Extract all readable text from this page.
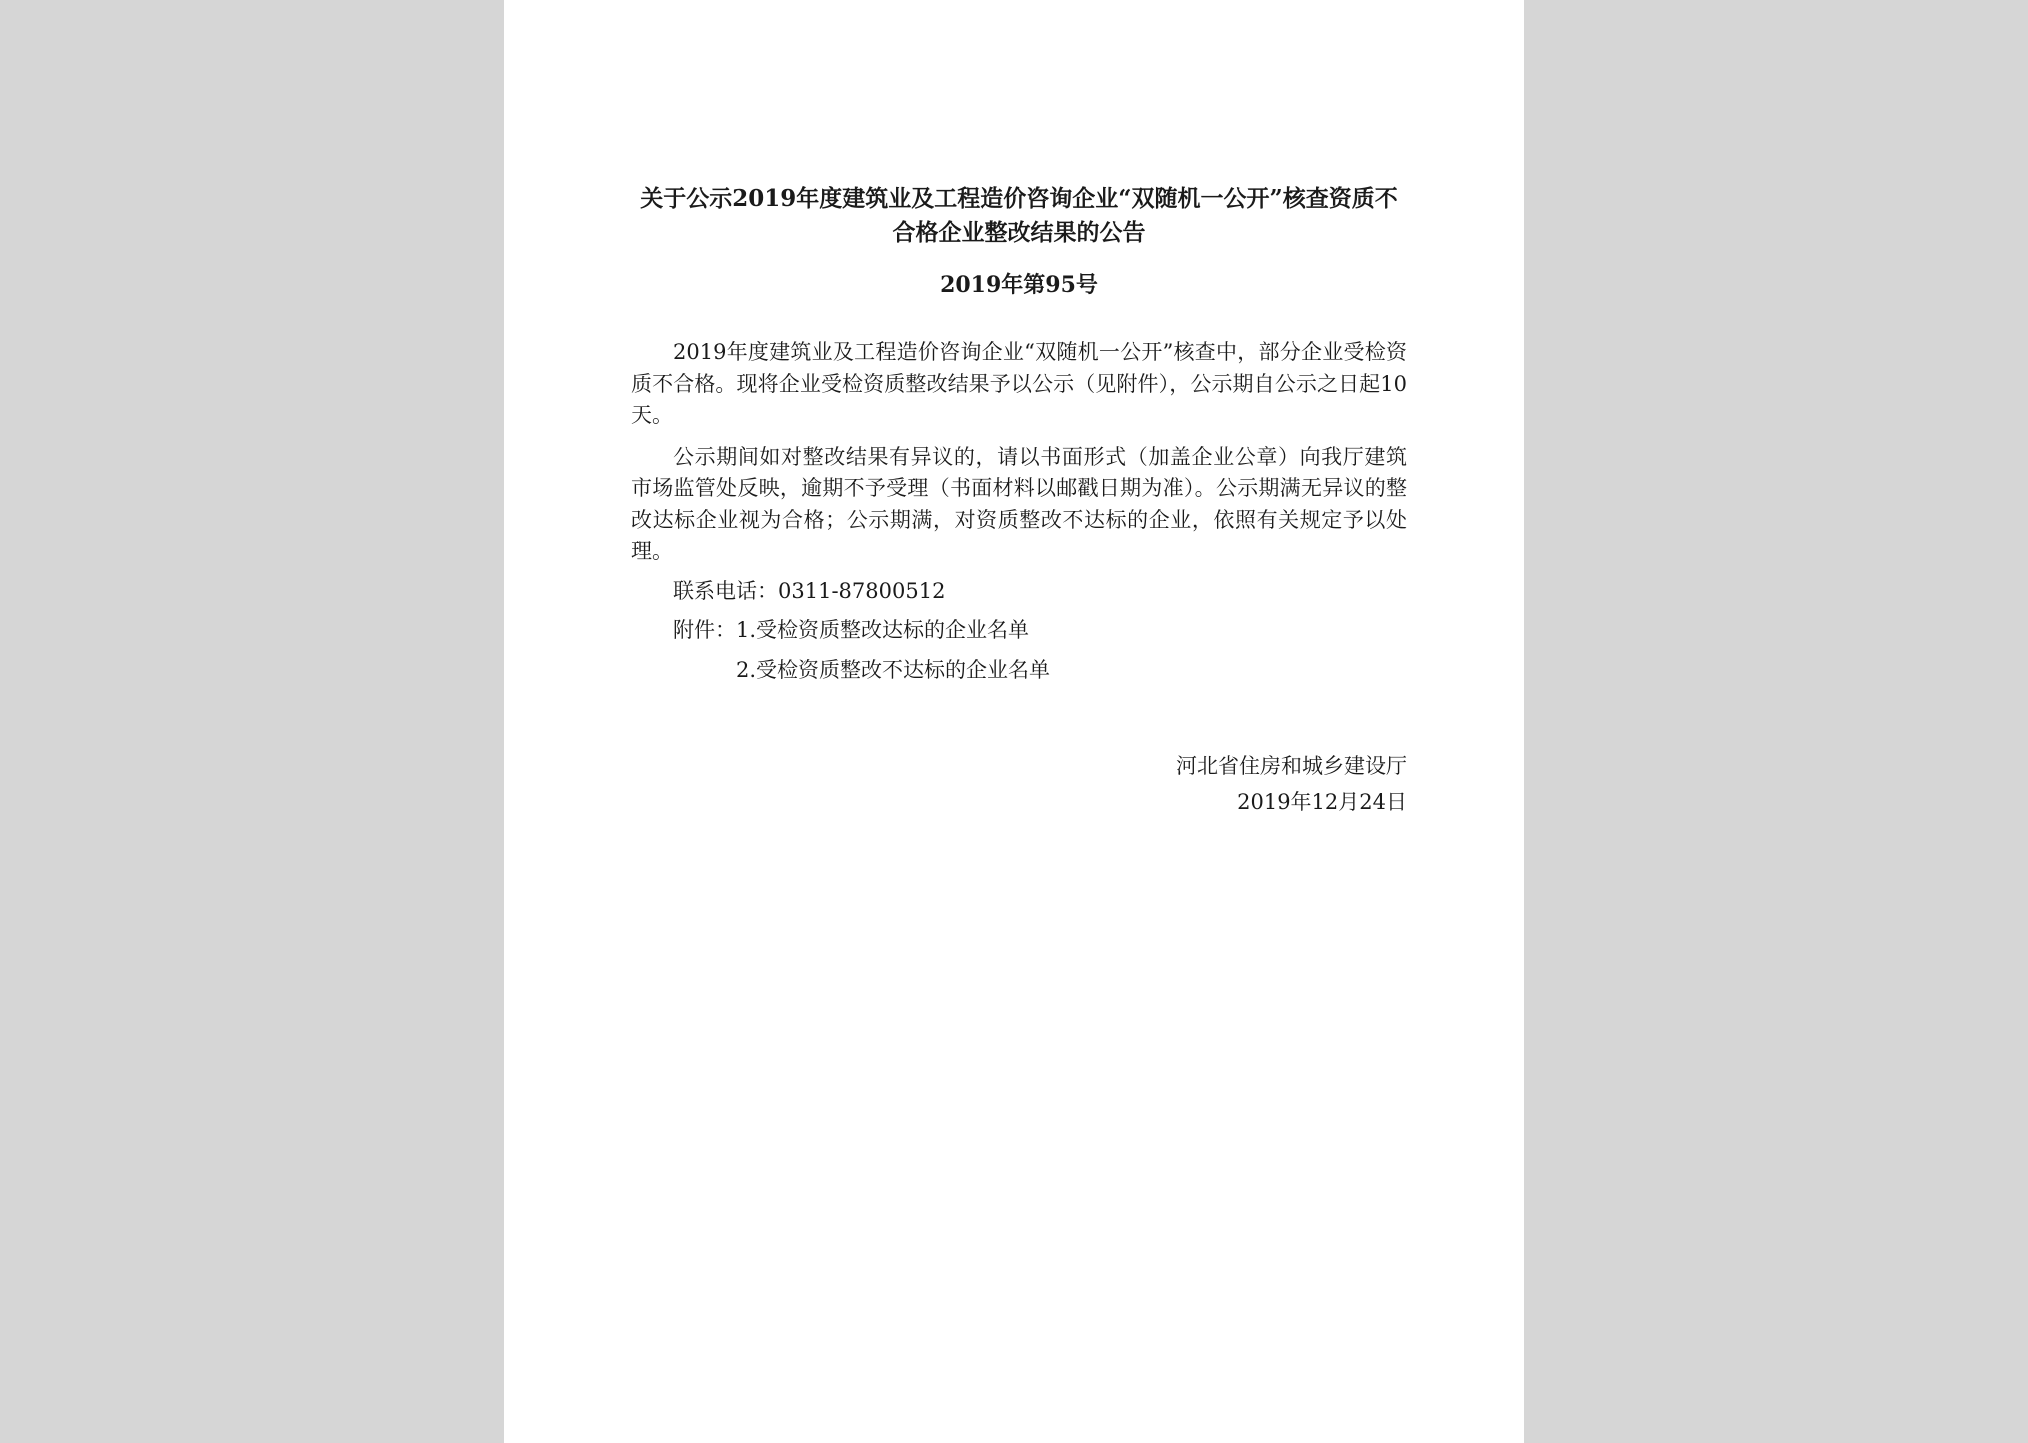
关于公示2019年度建筑业及工程造价咨询企业“双随机一公开”核查资质不合格企业整改结果的公告

2019年第95号

2019年度建筑业及工程造价咨询企业“双随机一公开”核查中，部分企业受检资质不合格。现将企业受检资质整改结果予以公示（见附件），公示期自公示之日起10天。

公示期间如对整改结果有异议的，请以书面形式（加盖企业公章）向我厅建筑市场监管处反映，逾期不予受理（书面材料以邮戳日期为准）。公示期满无异议的整改达标企业视为合格；公示期满，对资质整改不达标的企业，依照有关规定予以处理。

联系电话：0311-87800512

附件：1.受检资质整改达标的企业名单

2.受检资质整改不达标的企业名单

河北省住房和城乡建设厅

2019年12月24日
